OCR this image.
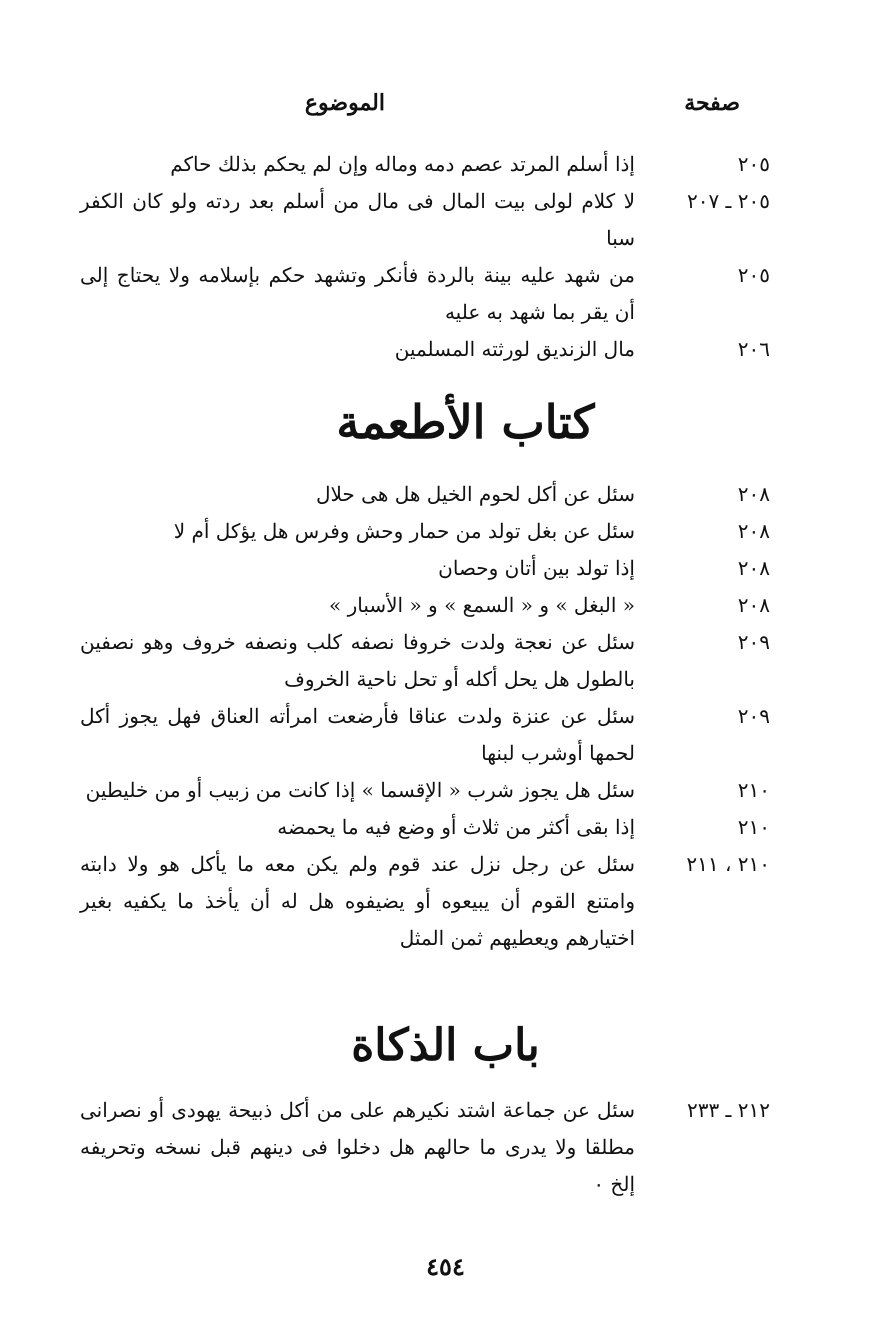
صفحة
الموضوع
٢٠٥
إذا أسلم المرتد عصم دمه وماله وإن لم يحكم بذلك حاكم
٢٠٥ ـ ٢٠٧
لا كلام لولى بيت المال فى مال من أسلم بعد ردته ولو كان الكفر سبا
٢٠٥
من شهد عليه بينة بالردة فأنكر وتشهد حكم بإسلامه ولا يحتاج إلى أن يقر بما شهد به عليه
٢٠٦
مال الزنديق لورثته المسلمين
كتاب الأطعمة
٢٠٨
سئل عن أكل لحوم الخيل هل هى حلال
٢٠٨
سئل عن بغل تولد من حمار وحش وفرس هل يؤكل أم لا
٢٠٨
إذا تولد بين أتان وحصان
٢٠٨
« البغل » و « السمع » و « الأسبار »
٢٠٩
سئل عن نعجة ولدت خروفا نصفه كلب ونصفه خروف وهو نصفين بالطول هل يحل أكله أو تحل ناحية الخروف
٢٠٩
سئل عن عنزة ولدت عناقا فأرضعت امرأته العناق فهل يجوز أكل لحمها أوشرب لبنها
٢١٠
سئل هل يجوز شرب « الإقسما » إذا كانت من زبيب أو من خليطين
٢١٠
إذا بقى أكثر من ثلاث أو وضع فيه ما يحمضه
٢١٠ ، ٢١١
سئل عن رجل نزل عند قوم ولم يكن معه ما يأكل هو ولا دابته وامتنع القوم أن يبيعوه أو يضيفوه هل له أن يأخذ ما يكفيه بغير اختيارهم ويعطيهم ثمن المثل
باب الذكاة
٢١٢ ـ ٢٣٣
سئل عن جماعة اشتد نكيرهم على من أكل ذبيحة يهودى أو نصرانى مطلقا ولا يدرى ما حالهم هل دخلوا فى دينهم قبل نسخه وتحريفه إلخ ٠
٤٥٤
